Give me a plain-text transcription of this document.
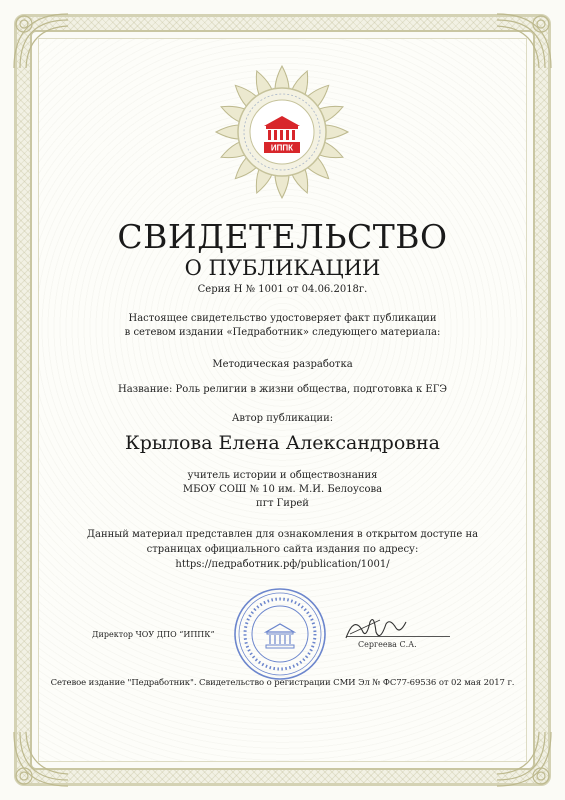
ИППК
СВИДЕТЕЛЬСТВО
О ПУБЛИКАЦИИ
Серия Н № 1001 от 04.06.2018г.
Настоящее свидетельство удостоверяет факт публикации
в сетевом издании «Педработник» следующего материала:
Методическая разработка
Название: Роль религии в жизни общества, подготовка к ЕГЭ
Автор публикации:
Крылова Елена Александровна
учитель истории и обществознания
МБОУ СОШ № 10 им. М.И. Белоусова
пгт Гирей
Данный материал представлен для ознакомления в открытом доступе на
страницах официального сайта издания по адресу:
https://педработник.рф/publication/1001/
Директор ЧОУ ДПО “ИППК”
Сергеева С.А.
Сетевое издание "Педработник". Свидетельство о регистрации СМИ Эл № ФС77-69536 от 02 мая 2017 г.
